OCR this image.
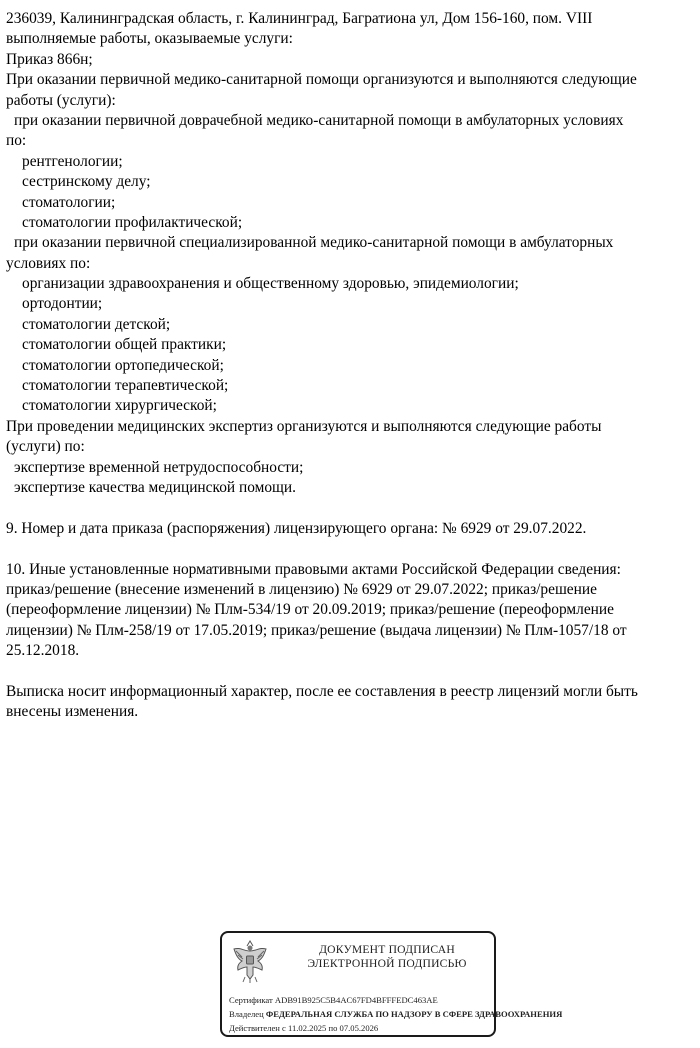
236039, Калининградская область, г. Калининград, Багратиона ул, Дом 156-160, пом. VIII
выполняемые работы, оказываемые услуги:
Приказ 866н;
При оказании первичной медико-санитарной помощи организуются и выполняются следующие
работы (услуги):
при оказании первичной доврачебной медико-санитарной помощи в амбулаторных условиях
по:
рентгенологии;
сестринскому делу;
стоматологии;
стоматологии профилактической;
при оказании первичной специализированной медико-санитарной помощи в амбулаторных
условиях по:
организации здравоохранения и общественному здоровью, эпидемиологии;
ортодонтии;
стоматологии детской;
стоматологии общей практики;
стоматологии ортопедической;
стоматологии терапевтической;
стоматологии хирургической;
При проведении медицинских экспертиз организуются и выполняются следующие работы
(услуги) по:
экспертизе временной нетрудоспособности;
экспертизе качества медицинской помощи.
9. Номер и дата приказа (распоряжения) лицензирующего органа: № 6929 от 29.07.2022.
10. Иные установленные нормативными правовыми актами Российской Федерации сведения:
приказ/решение (внесение изменений в лицензию) № 6929 от 29.07.2022; приказ/решение
(переоформление лицензии) № Плм-534/19 от 20.09.2019; приказ/решение (переоформление
лицензии) № Плм-258/19 от 17.05.2019; приказ/решение (выдача лицензии) № Плм-1057/18 от
25.12.2018.
Выписка носит информационный характер, после ее составления в реестр лицензий могли быть
внесены изменения.
ДОКУМЕНТ ПОДПИСАН
ЭЛЕКТРОННОЙ ПОДПИСЬЮ
Сертификат ADB91B925C5B4AC67FD4BFFFEDC463AE
Владелец ФЕДЕРАЛЬНАЯ СЛУЖБА ПО НАДЗОРУ В СФЕРЕ ЗДРАВООХРАНЕНИЯ
Действителен с 11.02.2025 по 07.05.2026
